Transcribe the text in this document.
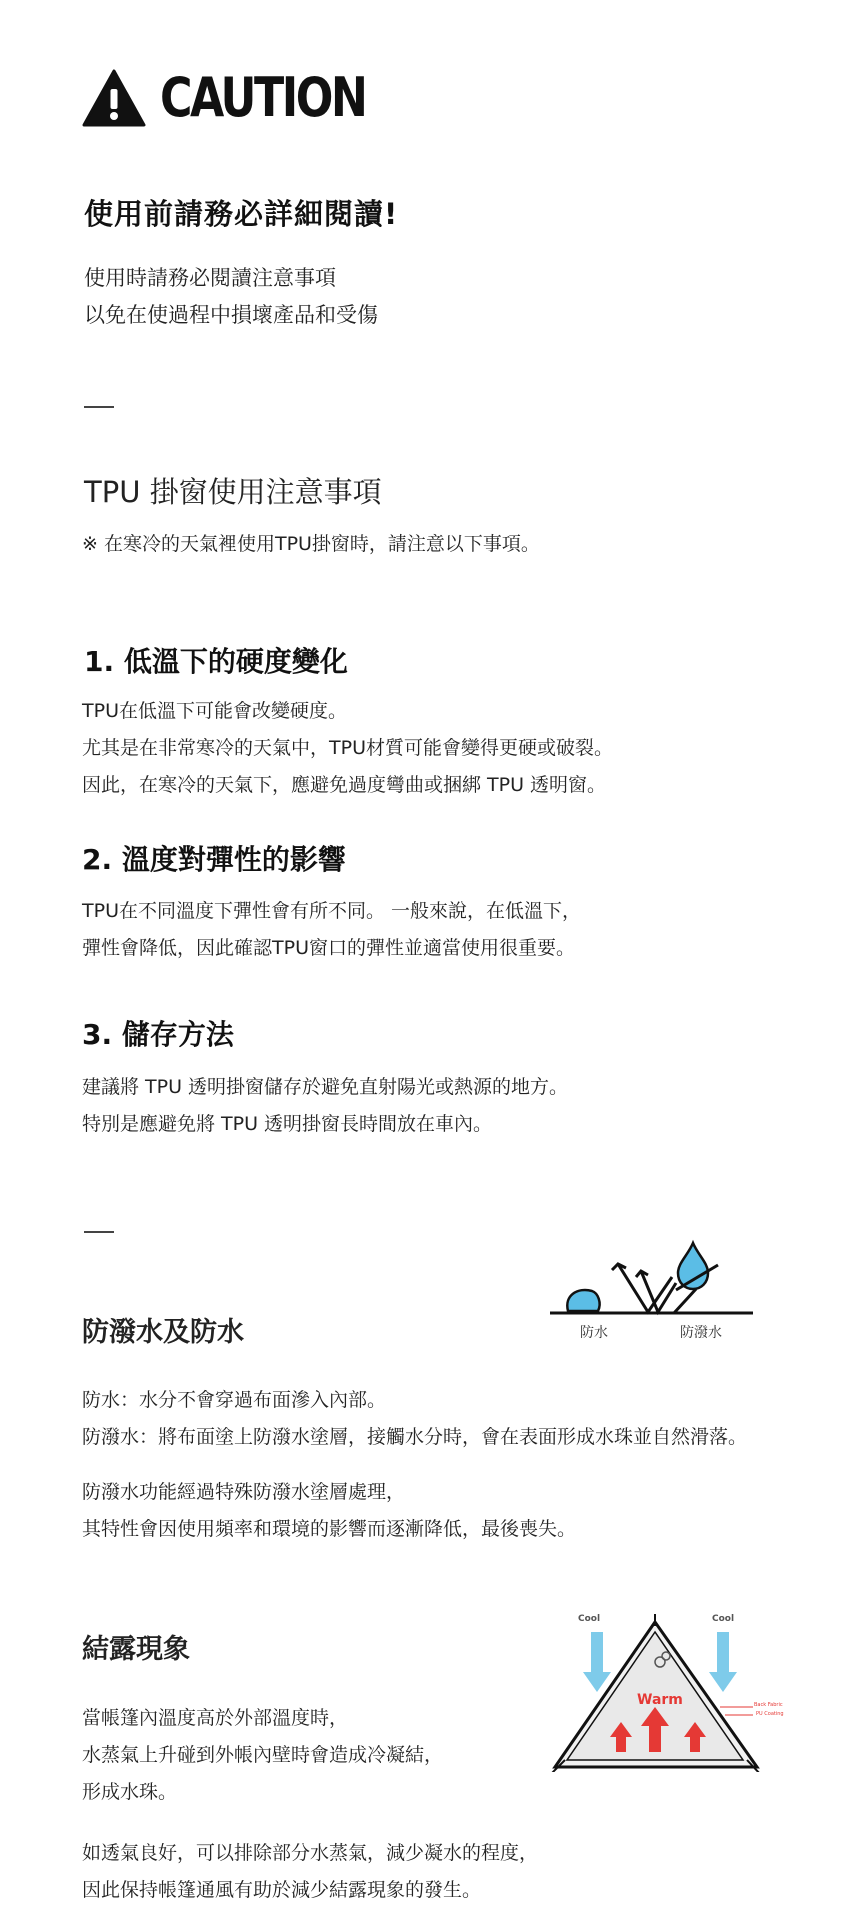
CAUTION
使用前請務必詳細閱讀!
使用時請務必閱讀注意事項
以免在使過程中損壞產品和受傷
TPU 掛窗使用注意事項
※ 在寒冷的天氣裡使用TPU掛窗時，請注意以下事項。
1. 低溫下的硬度變化
TPU在低溫下可能會改變硬度。
尤其是在非常寒冷的天氣中，TPU材質可能會變得更硬或破裂。
因此，在寒冷的天氣下，應避免過度彎曲或捆綁 TPU 透明窗。
2. 溫度對彈性的影響
TPU在不同溫度下彈性會有所不同。 一般來說，在低溫下，
彈性會降低，因此確認TPU窗口的彈性並適當使用很重要。
3. 儲存方法
建議將 TPU 透明掛窗儲存於避免直射陽光或熱源的地方。
特別是應避免將 TPU 透明掛窗長時間放在車內。
防潑水及防水	防水	防潑水
防水：水分不會穿過布面滲入內部。
防潑水：將布面塗上防潑水塗層，接觸水分時，會在表面形成水珠並自然滑落。
防潑水功能經過特殊防潑水塗層處理，
其特性會因使用頻率和環境的影響而逐漸降低，最後喪失。
結露現象
Cool	Cool
Warm	Back Fabric
PU Coating
當帳篷內溫度高於外部溫度時，
水蒸氣上升碰到外帳內壁時會造成冷凝結，
形成水珠。
如透氣良好，可以排除部分水蒸氣，減少凝水的程度，
因此保持帳篷通風有助於減少結露現象的發生。
